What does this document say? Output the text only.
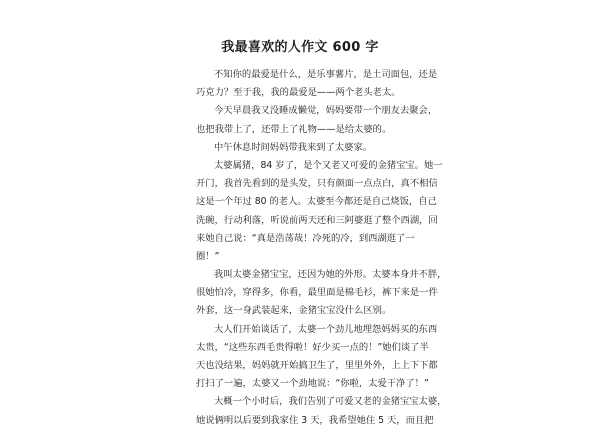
我最喜欢的人作文 600 字
不知你的最爱是什么，是乐事薯片，是土司面包，还是
巧克力？至于我，我的最爱是——两个老头老太。
今天早晨我又没睡成懒觉，妈妈要带一个朋友去聚会，
也把我带上了，还带上了礼物——是给太婆的。
中午休息时间妈妈带我来到了太婆家。
太婆属猪，84 岁了，是个又老又可爱的金猪宝宝。她一
开门，我首先看到的是头发，只有颜面一点点白，真不相信
这是一个年过 80 的老人。太婆至今都还是自己烧饭，自己
洗碗，行动利落，听说前两天还和三阿婆逛了整个西湖，回
来她自己说：“真是浩荡哉！冷死的冷，到西湖逛了一
圈！”
我叫太婆金猪宝宝，还因为她的外形。太婆本身并不胖，
很她怕冷，穿得多，你看，最里面是棉毛衫，裤下来是一件
外套，这一身武装起来，金猪宝宝没什么区别。
大人们开始谈话了，太婆一个劲儿地埋怨妈妈买的东西
太贵，“这些东西毛贵得啦！好少买一点的！”她们谈了半
天也没结果，妈妈就开始搞卫生了，里里外外，上上下下都
打扫了一遍，太婆又一个劲地说：“你啦，太爱干净了！”
大概一个小时后，我们告别了可爱又老的金猪宝宝太婆，
她说俩明以后要到我家住 3 天，我希望她住 5 天，而且把
